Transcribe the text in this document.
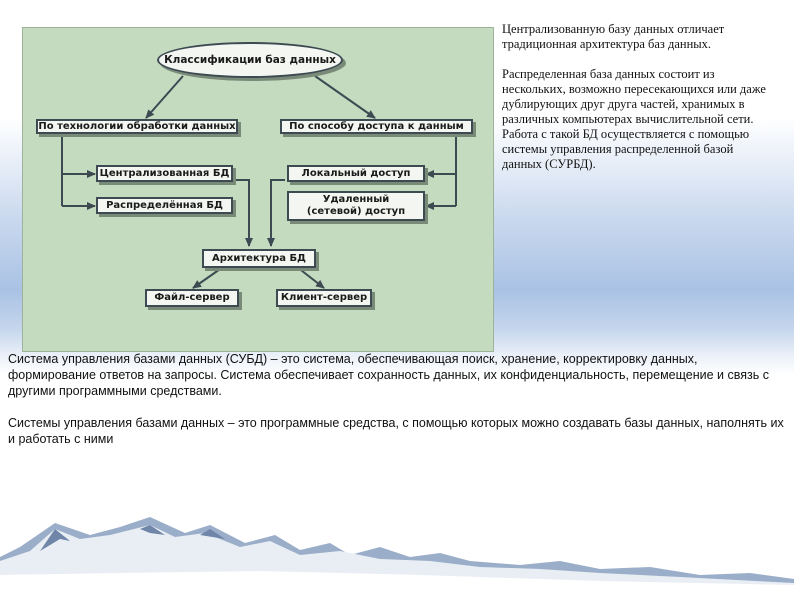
Классификации баз данных
По технологии обработки данных	По способу доступа к данным
Централизованная БД
Распределённая БД
Локальный доступ
Удаленный (сетевой) доступ
Архитектура БД
Файл-сервер	Клиент-сервер

Централизованную базу данных отличает традиционная архитектура баз данных.

Распределенная база данных состоит из нескольких, возможно пересекающихся или даже дублирующих друг друга частей, хранимых в различных компьютерах вычислительной сети. Работа с такой БД осуществляется с помощью системы управления распределенной базой данных (СУРБД).

Система управления базами данных (СУБД) – это система, обеспечивающая поиск, хранение, корректировку данных, формирование ответов на запросы. Система обеспечивает сохранность данных, их конфиденциальность, перемещение и связь с другими программными средствами.

Системы управления базами данных – это программные средства, с помощью которых можно создавать базы данных, наполнять их и работать с ними
